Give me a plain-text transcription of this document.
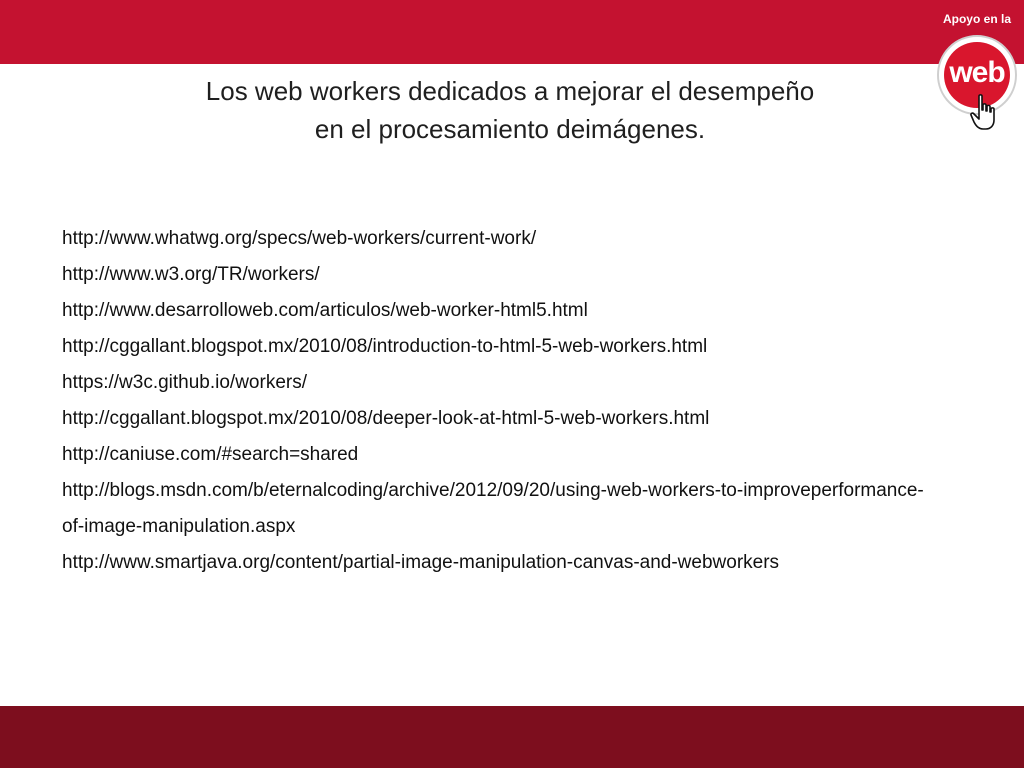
Apoyo en la
web
Los web workers dedicados a mejorar el desempeño
en el procesamiento deimágenes.
http://www.whatwg.org/specs/web-workers/current-work/
http://www.w3.org/TR/workers/
http://www.desarrolloweb.com/articulos/web-worker-html5.html
http://cggallant.blogspot.mx/2010/08/introduction-to-html-5-web-workers.html
https://w3c.github.io/workers/
http://cggallant.blogspot.mx/2010/08/deeper-look-at-html-5-web-workers.html
http://caniuse.com/#search=shared
http://blogs.msdn.com/b/eternalcoding/archive/2012/09/20/using-web-workers-to-improveperformance-
of-image-manipulation.aspx
http://www.smartjava.org/content/partial-image-manipulation-canvas-and-webworkers
